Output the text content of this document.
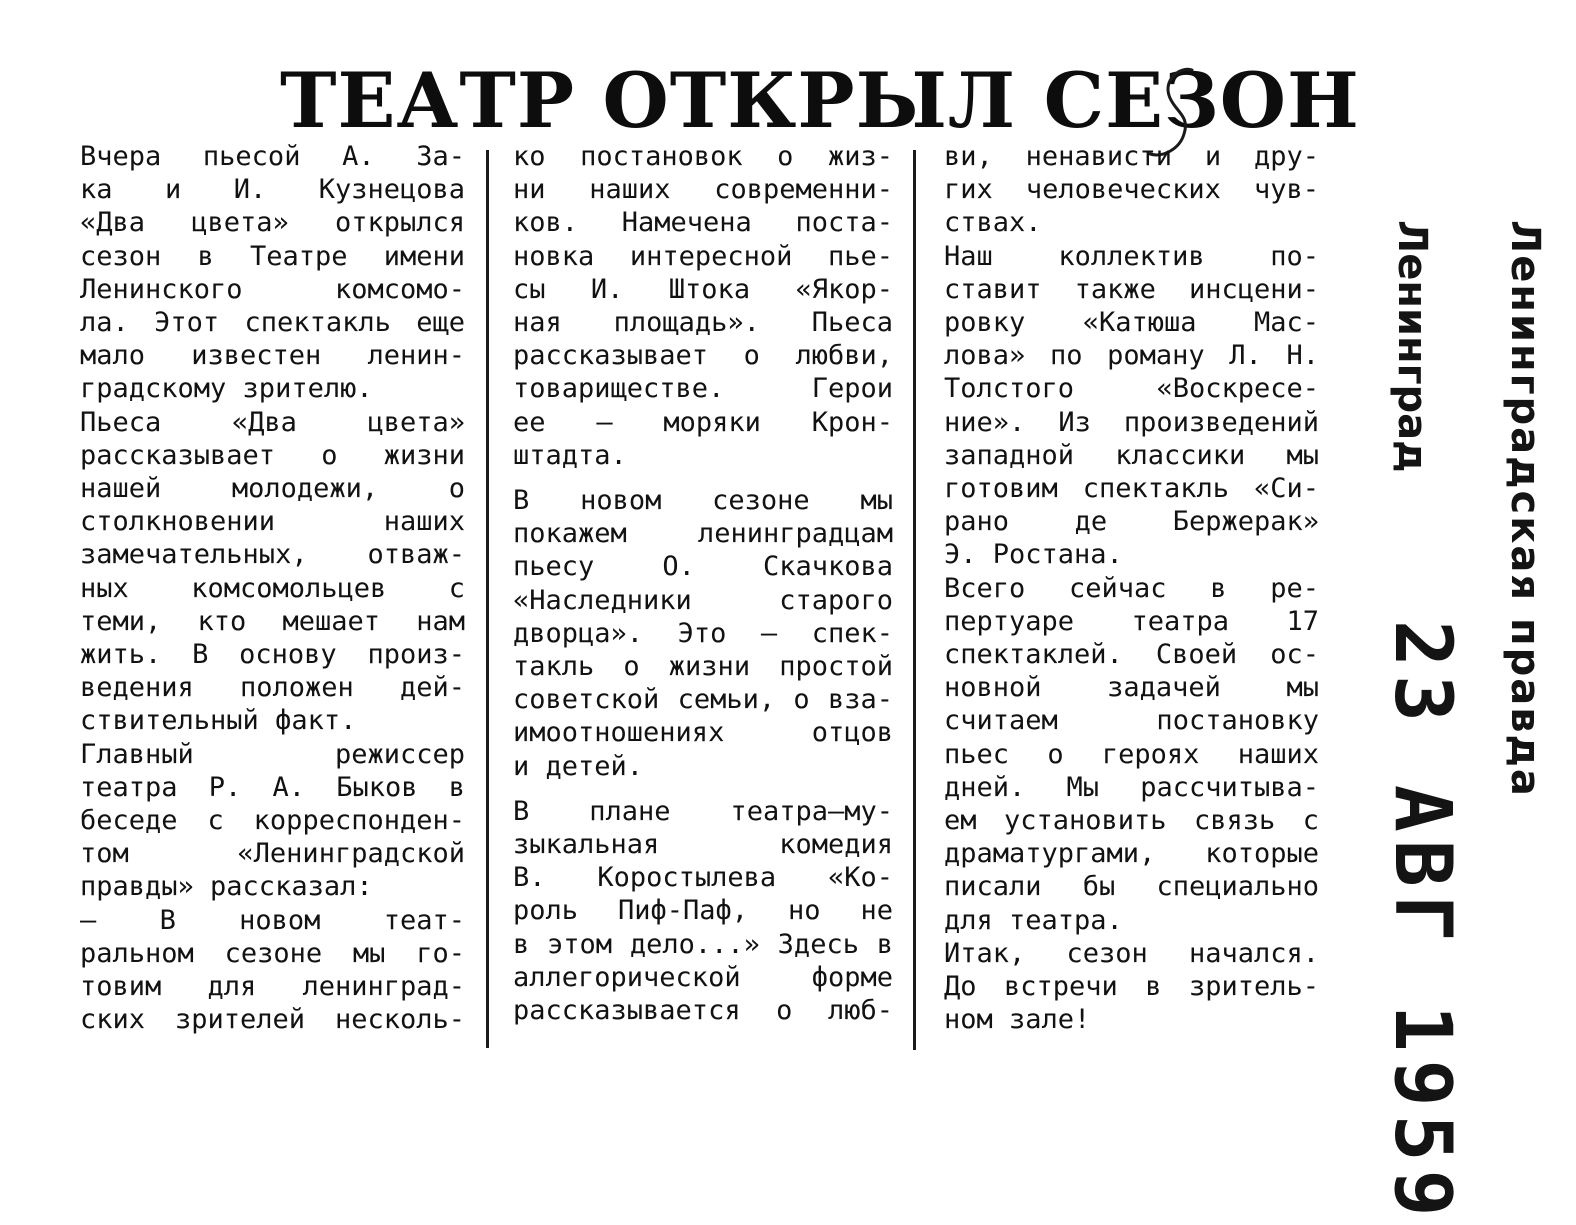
ТЕАТР ОТКРЫЛ СЕЗОН

Вчера пьесой А. За-

ка и И. Кузнецова

«Два цвета» открылся

сезон в Театре имени

Ленинского комсомо-

ла. Этот спектакль еще

мало известен ленин-

градскому зрителю.

Пьеса «Два цвета»

рассказывает о жизни

нашей молодежи, о

столкновении наших

замечательных, отваж-

ных комсомольцев с

теми, кто мешает нам

жить. В основу произ-

ведения положен дей-

ствительный факт.

Главный режиссер

театра Р. А. Быков в

беседе с корреспонден-

том «Ленинградской

правды» рассказал:

— В новом теат-

ральном сезоне мы го-

товим для ленинград-

ских зрителей несколь-

ко постановок о жиз-

ни наших современни-

ков. Намечена поста-

новка интересной пье-

сы И. Штока «Якор-

ная площадь». Пьеса

рассказывает о любви,

товариществе. Герои

ее — моряки Крон-

штадта.

В новом сезоне мы

покажем ленинградцам

пьесу О. Скачкова

«Наследники старого

дворца». Это — спек-

такль о жизни простой

советской семьи, о вза-

имоотношениях отцов

и детей.

В плане театра—му-

зыкальная комедия

В. Коростылева «Ко-

роль Пиф-Паф, но не

в этом дело...» Здесь в

аллегорической форме

рассказывается о люб-

ви, ненависти и дру-

гих человеческих чув-

ствах.

Наш коллектив по-

ставит также инсцени-

ровку «Катюша Мас-

лова» по роману Л. Н.

Толстого «Воскресе-

ние». Из произведений

западной классики мы

готовим спектакль «Си-

рано де Бержерак»

Э. Ростана.

Всего сейчас в ре-

пертуаре театра 17

спектаклей. Своей ос-

новной задачей мы

считаем постановку

пьес о героях наших

дней. Мы рассчитыва-

ем установить связь с

драматургами, которые

писали бы специально

для театра.

Итак, сезон начался.

До встречи в зритель-

ном зале!	23 АВГ 1959
Ленинград Ленинградская правда
